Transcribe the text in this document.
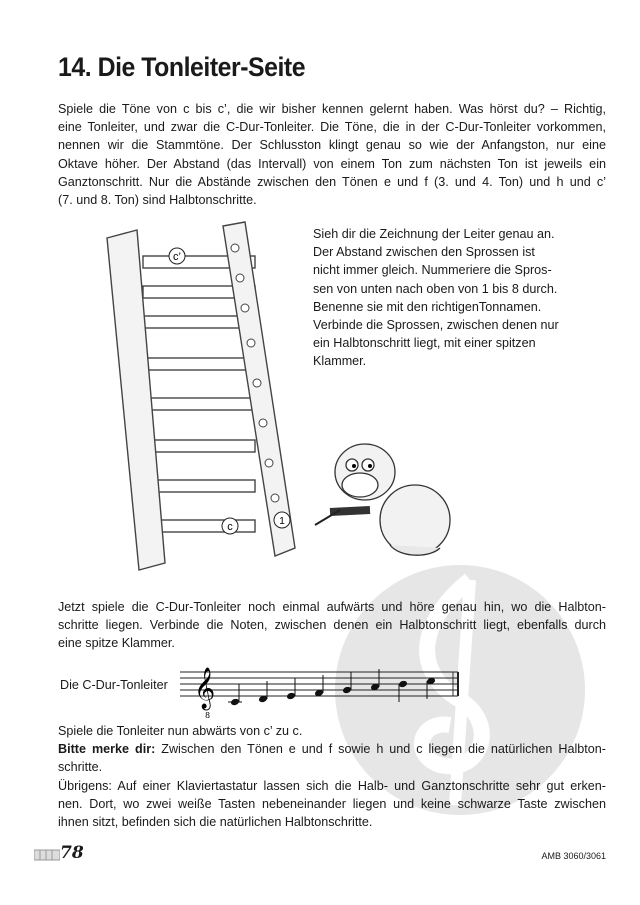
14. Die Tonleiter-Seite
Spiele die Töne von c bis c’, die wir bisher kennen gelernt haben. Was hörst du? – Richtig,
eine Tonleiter, und zwar die C-Dur-Tonleiter. Die Töne, die in der C-Dur-Tonleiter vorkommen,
nennen wir die Stammtöne. Der Schlusston klingt genau so wie der Anfangston, nur eine
Oktave höher. Der Abstand (das Intervall) von einem Ton zum nächsten Ton ist jeweils ein
Ganztonschritt. Nur die Abstände zwischen den Tönen e und f (3. und 4. Ton) und h und c’
(7. und 8. Ton) sind Halbtonschritte.
c’
c	1
Sieh dir die Zeichnung der Leiter genau an.
Der Abstand zwischen den Sprossen ist
nicht immer gleich. Nummeriere die Spros-
sen von unten nach oben von 1 bis 8 durch.
Benenne sie mit den richtigenTonnamen.
Verbinde die Sprossen, zwischen denen nur
ein Halbtonschritt liegt, mit einer spitzen
Klammer.
Jetzt spiele die C-Dur-Tonleiter noch einmal aufwärts und höre genau hin, wo die Halbton-
schritte liegen. Verbinde die Noten, zwischen denen ein Halbtonschritt liegt, ebenfalls durch
eine spitze Klammer.
Die C-Dur-Tonleiter 𝄞
8
Spiele die Tonleiter nun abwärts von c’ zu c.
Bitte merke dir: Zwischen den Tönen e und f sowie h und c liegen die natürlichen Halbton-
schritte.
Übrigens: Auf einer Klaviertastatur lassen sich die Halb- und Ganztonschritte sehr gut erken-
nen. Dort, wo zwei weiße Tasten nebeneinander liegen und keine schwarze Taste zwischen
ihnen sitzt, befinden sich die natürlichen Halbtonschritte.
78	AMB 3060/3061
